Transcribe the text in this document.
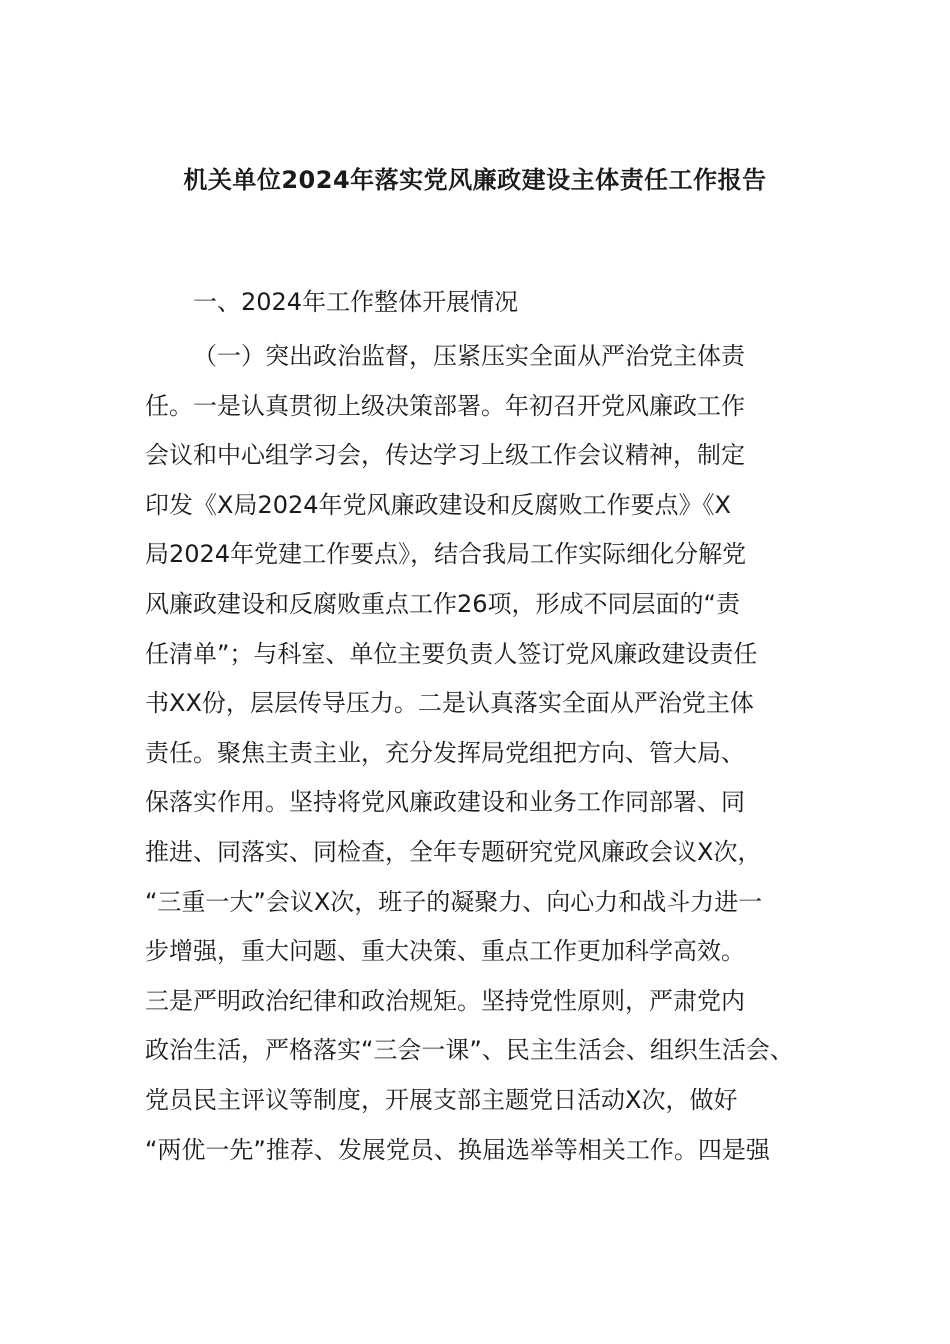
机关单位2024年落实党风廉政建设主体责任工作报告
一、2024年工作整体开展情况
（一）突出政治监督，压紧压实全面从严治党主体责
任。一是认真贯彻上级决策部署。年初召开党风廉政工作
会议和中心组学习会，传达学习上级工作会议精神，制定
印发《X局2024年党风廉政建设和反腐败工作要点》《X
局2024年党建工作要点》，结合我局工作实际细化分解党
风廉政建设和反腐败重点工作26项，形成不同层面的“责
任清单”；与科室、单位主要负责人签订党风廉政建设责任
书XX份，层层传导压力。二是认真落实全面从严治党主体
责任。聚焦主责主业，充分发挥局党组把方向、管大局、
保落实作用。坚持将党风廉政建设和业务工作同部署、同
推进、同落实、同检查，全年专题研究党风廉政会议X次，
“三重一大”会议X次，班子的凝聚力、向心力和战斗力进一
步增强，重大问题、重大决策、重点工作更加科学高效。
三是严明政治纪律和政治规矩。坚持党性原则，严肃党内
政治生活，严格落实“三会一课”、民主生活会、组织生活会、
党员民主评议等制度，开展支部主题党日活动X次，做好
“两优一先”推荐、发展党员、换届选举等相关工作。四是强
